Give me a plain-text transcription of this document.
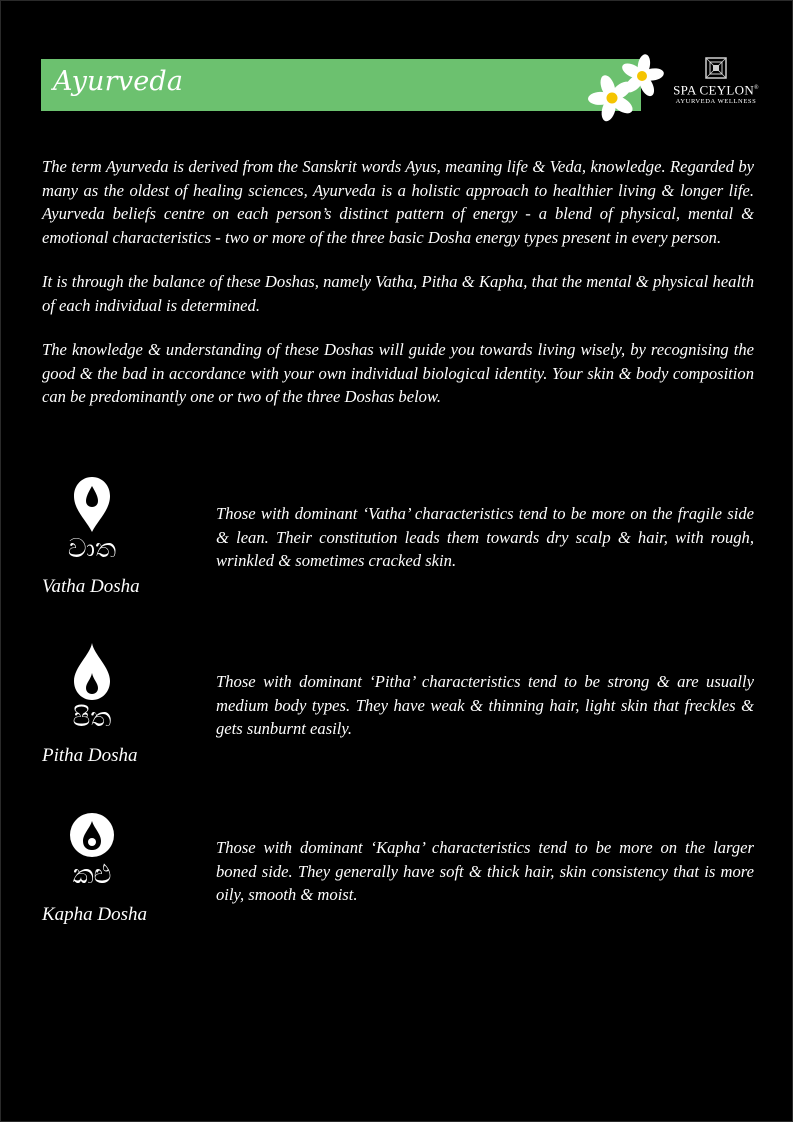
Ayurveda	SPA CEYLON®
AYURVEDA WELLNESS

The term Ayurveda is derived from the Sanskrit words Ayus, meaning life & Veda, knowledge. Regarded by many as the oldest of healing sciences, Ayurveda is a holistic approach to healthier living & longer life. Ayurveda beliefs centre on each person’s distinct pattern of energy - a blend of physical, mental & emotional characteristics - two or more of the three basic Dosha energy types present in every person.

It is through the balance of these Doshas, namely Vatha, Pitha & Kapha, that the mental & physical health of each individual is determined.

The knowledge & understanding of these Doshas will guide you towards living wisely, by recognising the good & the bad in accordance with your own individual biological identity. Your skin & body composition can be predominantly one or two of the three Doshas below.

වාත
Vatha Dosha

Those with dominant ‘Vatha’ characteristics tend to be more on the fragile side & lean. Their constitution leads them towards dry scalp & hair, with rough, wrinkled & sometimes cracked skin.

පිත
Pitha Dosha

Those with dominant ‘Pitha’ characteristics tend to be strong & are usually medium body types. They have weak & thinning hair, light skin that freckles & gets sunburnt easily.

කළු
Kapha Dosha

Those with dominant ‘Kapha’ characteristics tend to be more on the larger boned side. They generally have soft & thick hair, skin consistency that is more oily, smooth & moist.
